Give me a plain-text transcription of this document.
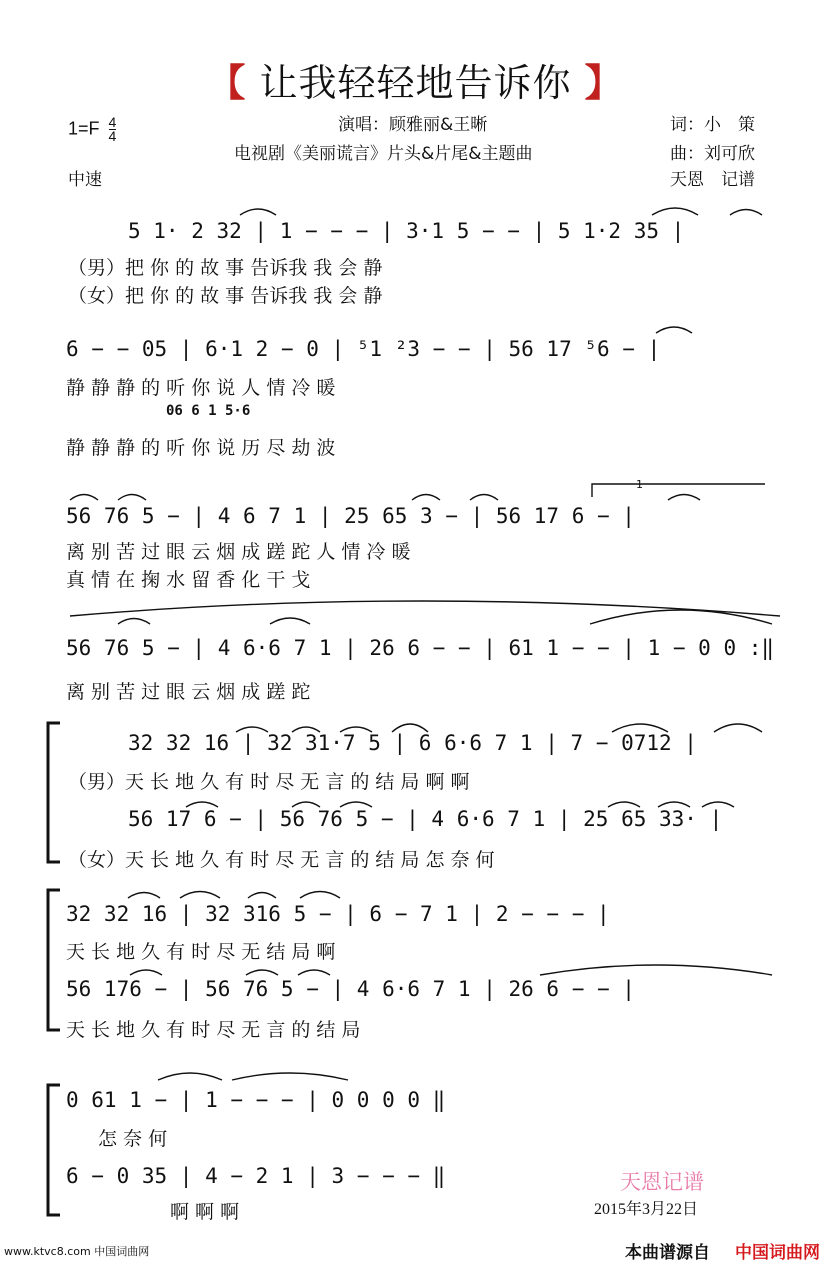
【 让我轻轻地告诉你 】
$1=F \frac{4}{4}$
中速
演唱：顾雅丽&王晰
电视剧《美丽谎言》片头&片尾&主题曲
词：小　策
曲：刘可欣
天恩　记谱
5 1· 2 32 | 1 − − − | 3·1 5 − − | 5 1·2 35 |
（男）把 你 的 故 事 告诉我 我 会 静
（女）把 你 的 故 事 告诉我 我 会 静
6 − − 05 | 6·1 2 − 0 | ⁵1 ²3 − − | 56 17 ⁵6 − |
静 静 静 的 听 你 说 人 情 冷 暖
06 6 1 5·6
静 静 静 的 听 你 说 历 尽 劫 波
56 76 5 − | 4 6 7 1 | 25 65 3 − | 56 17 6 − |
1
离 别 苦 过 眼 云 烟 成 蹉 跎 人 情 冷 暖
真 情 在 掬 水 留 香 化 干 戈
56 76 5 − | 4 6·6 7 1 | 26 6 − − | 61 1 − − | 1 − 0 0 :‖
离 别 苦 过 眼 云 烟 成 蹉 跎
32 32 16 | 32 31·7 5 | 6 6·6 7 1 | 7 − 0712 |
（男）天 长 地 久 有 时 尽 无 言 的 结 局 啊 啊
56 17 6 − | 56 76 5 − | 4 6·6 7 1 | 25 65 33· |
（女）天 长 地 久 有 时 尽 无 言 的 结 局 怎 奈 何
32 32 16 | 32 316 5 − | 6 − 7 1 | 2 − − − |
天 长 地 久 有 时 尽 无 结 局 啊
56 176 − | 56 76 5 − | 4 6·6 7 1 | 26 6 − − |
天 长 地 久 有 时 尽 无 言 的 结 局
0 61 1 − | 1 − − − | 0 0 0 0 ‖
怎 奈 何
6 − 0 35 | 4 − 2 1 | 3 − − − ‖
啊 啊 啊
天恩记谱
2015年3月22日
www.ktvc8.com 中国词曲网	本曲谱源自 中国词曲网
